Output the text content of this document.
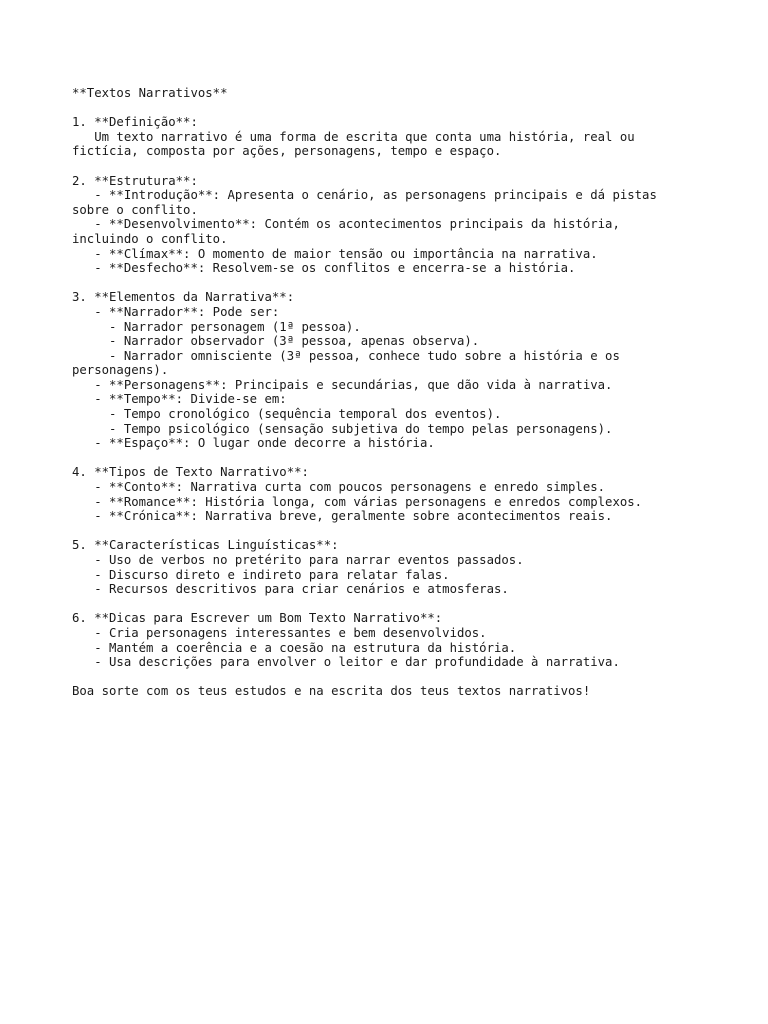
**Textos Narrativos**
1. **Definição**:
Um texto narrativo é uma forma de escrita que conta uma história, real ou
fictícia, composta por ações, personagens, tempo e espaço.
2. **Estrutura**:
- **Introdução**: Apresenta o cenário, as personagens principais e dá pistas
sobre o conflito.
- **Desenvolvimento**: Contém os acontecimentos principais da história,
incluindo o conflito.
- **Clímax**: O momento de maior tensão ou importância na narrativa.
- **Desfecho**: Resolvem-se os conflitos e encerra-se a história.
3. **Elementos da Narrativa**:
- **Narrador**: Pode ser:
- Narrador personagem (1ª pessoa).
- Narrador observador (3ª pessoa, apenas observa).
- Narrador omnisciente (3ª pessoa, conhece tudo sobre a história e os
personagens).
- **Personagens**: Principais e secundárias, que dão vida à narrativa.
- **Tempo**: Divide-se em:
- Tempo cronológico (sequência temporal dos eventos).
- Tempo psicológico (sensação subjetiva do tempo pelas personagens).
- **Espaço**: O lugar onde decorre a história.
4. **Tipos de Texto Narrativo**:
- **Conto**: Narrativa curta com poucos personagens e enredo simples.
- **Romance**: História longa, com várias personagens e enredos complexos.
- **Crónica**: Narrativa breve, geralmente sobre acontecimentos reais.
5. **Características Linguísticas**:
- Uso de verbos no pretérito para narrar eventos passados.
- Discurso direto e indireto para relatar falas.
- Recursos descritivos para criar cenários e atmosferas.
6. **Dicas para Escrever um Bom Texto Narrativo**:
- Cria personagens interessantes e bem desenvolvidos.
- Mantém a coerência e a coesão na estrutura da história.
- Usa descrições para envolver o leitor e dar profundidade à narrativa.
Boa sorte com os teus estudos e na escrita dos teus textos narrativos!
